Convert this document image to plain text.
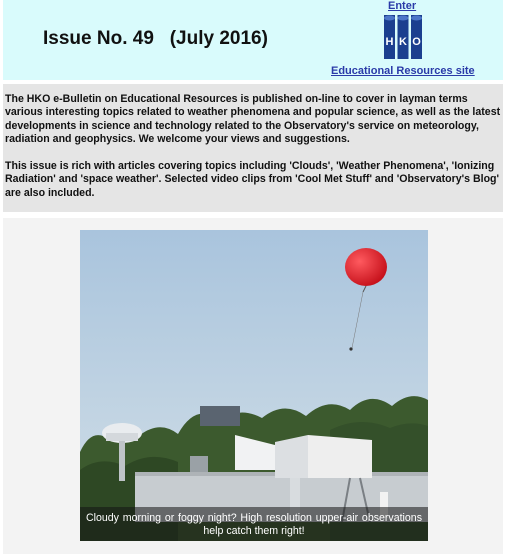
Issue No. 49   (July 2016)
Enter
H K O
Educational Resources site

The HKO e-Bulletin on Educational Resources is published on-line to cover in layman terms various interesting topics related to weather phenomena and popular science, as well as the latest developments in science and technology related to the Observatory's service on meteorology, radiation and geophysics. We welcome your views and suggestions.

This issue is rich with articles covering topics including 'Clouds', 'Weather Phenomena', 'Ionizing Radiation' and 'space weather'. Selected video clips from 'Cool Met Stuff' and 'Observatory's Blog' are also included.

Cloudy morning or foggy night? High resolution upper-air observations help catch them right!
